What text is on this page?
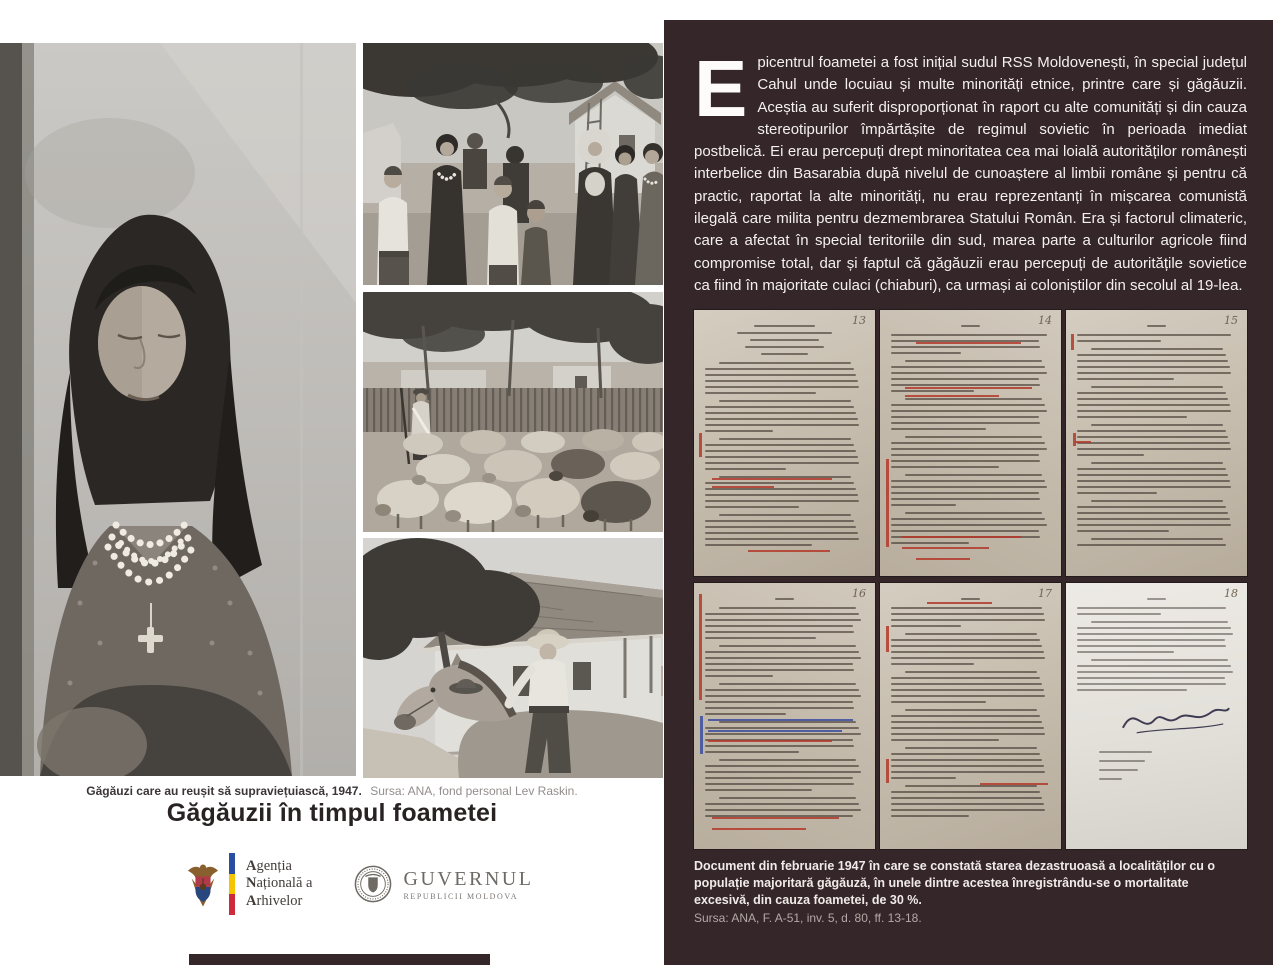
Găgăuzi care au reușit să supraviețuiască, 1947. Sursa: ANA, fond personal Lev Raskin.
Găgăuzii în timpul foametei
Agenția
Națională a
Arhivelor
GUVERNUL
REPUBLICII MOLDOVA

Epicentrul foametei a fost inițial sudul RSS Moldovenești, în special județul Cahul unde locuiau și multe minorități etnice, printre care și găgăuzii. Aceștia au suferit disproporționat în raport cu alte comunități și din cauza stereotipurilor împărtășite de regimul sovietic în perioada imediat postbelică. Ei erau percepuți drept minoritatea cea mai loială autorităților românești interbelice din Basarabia după nivelul de cunoaștere al limbii române și pentru că practic, raportat la alte minorități, nu erau reprezentanți în mișcarea comunistă ilegală care milita pentru dezmembrarea Statului Român. Era și factorul climateric, care a afectat în special teritoriile din sud, marea parte a culturilor agricole fiind compromise total, dar și faptul că găgăuzii erau percepuți de autoritățile sovietice ca fiind în majoritate culaci (chiaburi), ca urmași ai coloniștilor din secolul al 19-lea.

13	14	15
16	17	18
Document din februarie 1947 în care se constată starea dezastruoasă a localităților cu o populație majoritară găgăuză, în unele dintre acestea înregistrându-se o mortalitate excesivă, din cauza foametei, de 30 %.
Sursa: ANA, F. A-51, inv. 5, d. 80, ff. 13-18.
